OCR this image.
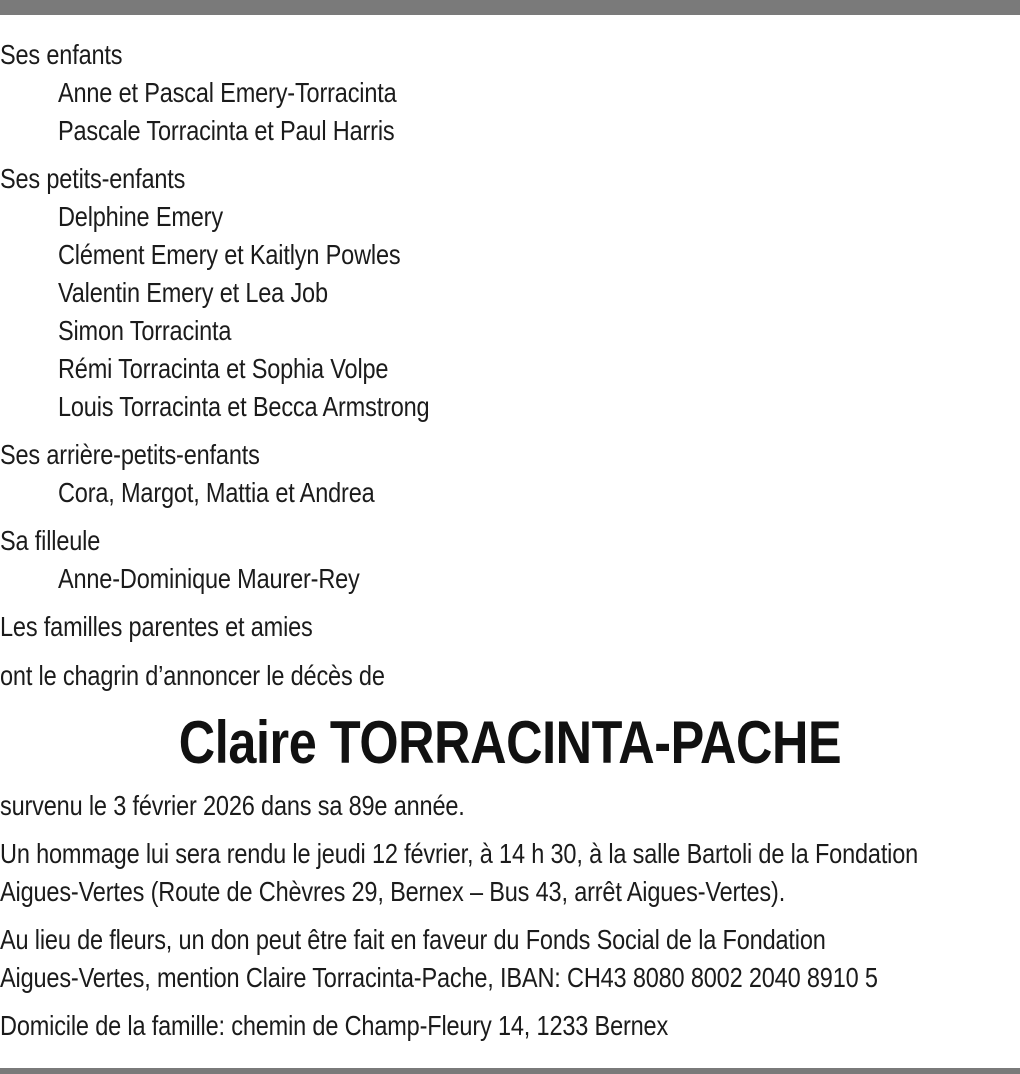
Ses enfants
Anne et Pascal Emery-Torracinta
Pascale Torracinta et Paul Harris
Ses petits-enfants
Delphine Emery
Clément Emery et Kaitlyn Powles
Valentin Emery et Lea Job
Simon Torracinta
Rémi Torracinta et Sophia Volpe
Louis Torracinta et Becca Armstrong
Ses arrière-petits-enfants
Cora, Margot, Mattia et Andrea
Sa filleule
Anne-Dominique Maurer-Rey
Les familles parentes et amies
ont le chagrin d’annoncer le décès de
Claire TORRACINTA-PACHE
survenu le 3 février 2026 dans sa 89e année.
Un hommage lui sera rendu le jeudi 12 février, à 14 h 30, à la salle Bartoli de la Fondation
Aigues-Vertes (Route de Chèvres 29, Bernex – Bus 43, arrêt Aigues-Vertes).
Au lieu de fleurs, un don peut être fait en faveur du Fonds Social de la Fondation
Aigues-Vertes, mention Claire Torracinta-Pache, IBAN: CH43 8080 8002 2040 8910 5
Domicile de la famille: chemin de Champ-Fleury 14, 1233 Bernex
